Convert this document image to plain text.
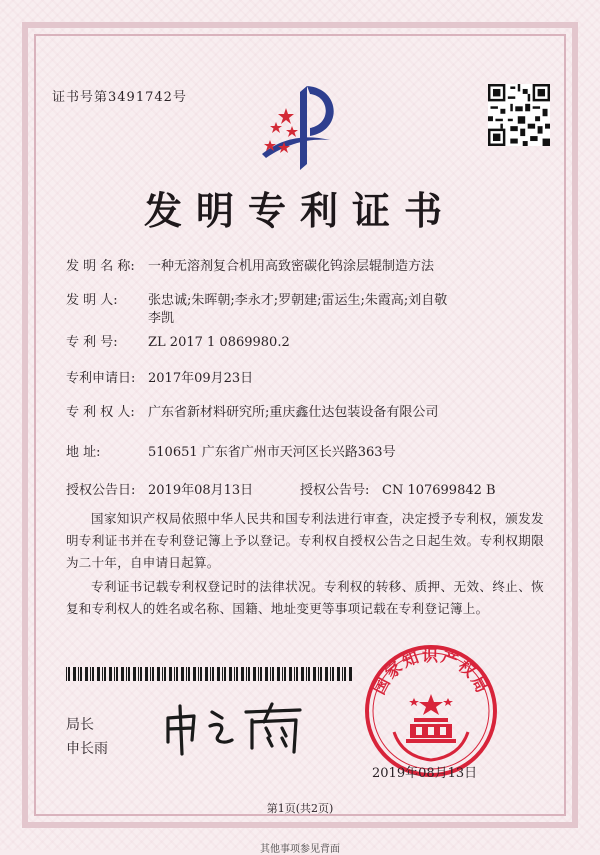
证书号第3491742号
发明专利证书
发 明 名 称: 一种无溶剂复合机用高致密碳化钨涂层辊制造方法
发 明 人: 张忠诚;朱晖朝;李永才;罗朝建;雷运生;朱霞高;刘自敬
李凯
专 利 号: ZL 2017 1 0869980.2
专利申请日: 2017年09月23日
专 利 权 人: 广东省新材料研究所;重庆鑫仕达包装设备有限公司
地 址:	510651 广东省广州市天河区长兴路363号
授权公告日: 2019年08月13日	授权公告号: CN 107699842 B
国家知识产权局依照中华人民共和国专利法进行审查，决定授予专利权，颁发发明专利证书并在专利登记簿上予以登记。专利权自授权公告之日起生效。专利权期限为二十年，自申请日起算。
专利证书记载专利权登记时的法律状况。专利权的转移、质押、无效、终止、恢复和专利权人的姓名或名称、国籍、地址变更等事项记载在专利登记簿上。
局长
申长雨
国家知识产权局
2019年08月13日
第1页(共2页)
其他事项参见背面
